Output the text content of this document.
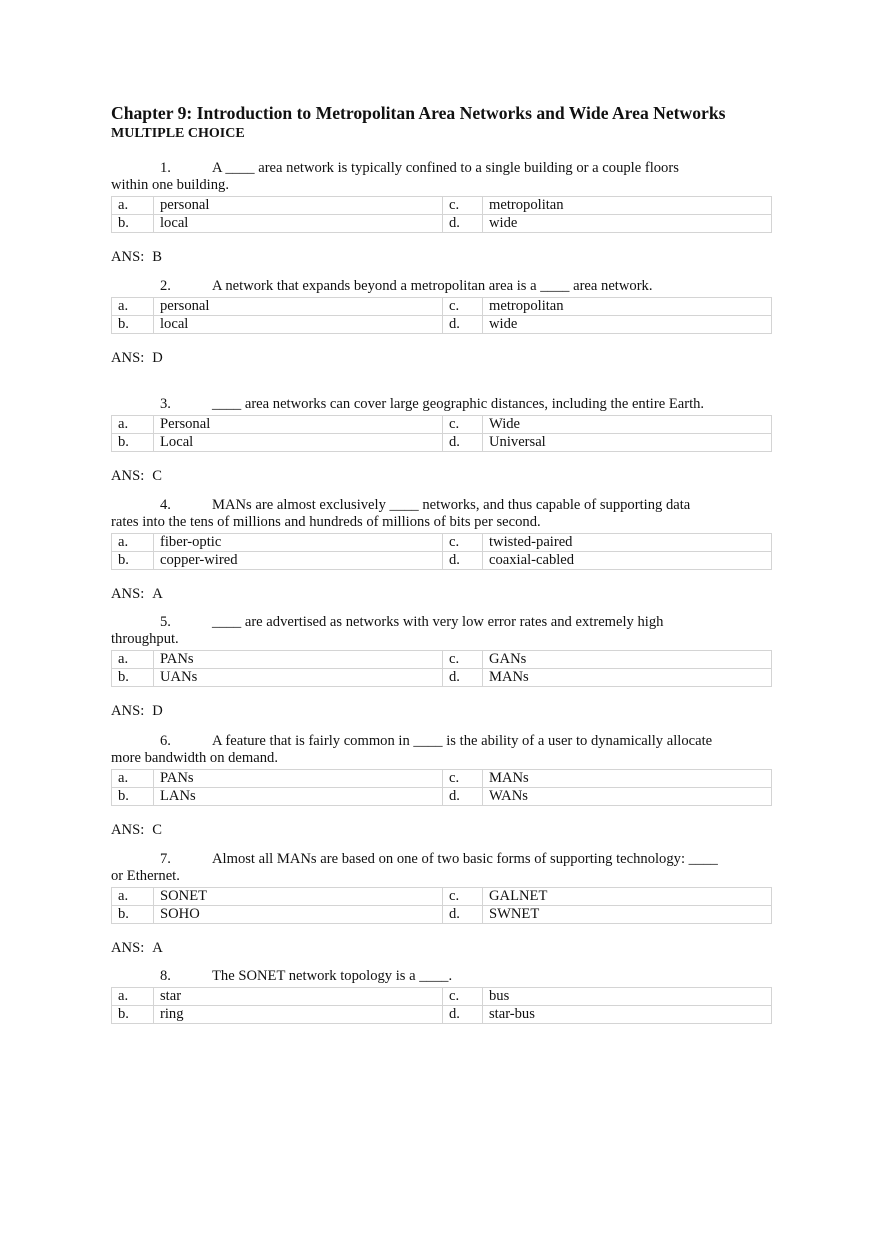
Chapter 9: Introduction to Metropolitan Area Networks and Wide Area Networks
MULTIPLE CHOICE
1.	A ____ area network is typically confined to a single building or a couple floors
within one building.
a.	personal	c.	metropolitan
b.	local	d.	wide
ANS: B
2.	A network that expands beyond a metropolitan area is a ____ area network.
a.	personal	c.	metropolitan
b.	local	d.	wide
ANS: D
3.	____ area networks can cover large geographic distances, including the entire Earth.
a.	Personal	c.	Wide
b.	Local	d.	Universal
ANS: C
4.	MANs are almost exclusively ____ networks, and thus capable of supporting data
rates into the tens of millions and hundreds of millions of bits per second.
a.	fiber-optic	c.	twisted-paired
b.	copper-wired	d.	coaxial-cabled
ANS: A
5.	____ are advertised as networks with very low error rates and extremely high
throughput.
a.	PANs	c.	GANs
b.	UANs	d.	MANs
ANS: D
6.	A feature that is fairly common in ____ is the ability of a user to dynamically allocate
more bandwidth on demand.
a.	PANs	c.	MANs
b.	LANs	d.	WANs
ANS: C
7.	Almost all MANs are based on one of two basic forms of supporting technology: ____
or Ethernet.
a.	SONET	c.	GALNET
b.	SOHO	d.	SWNET
ANS: A
8.	The SONET network topology is a ____.
a.	star	c.	bus
b.	ring	d.	star-bus
